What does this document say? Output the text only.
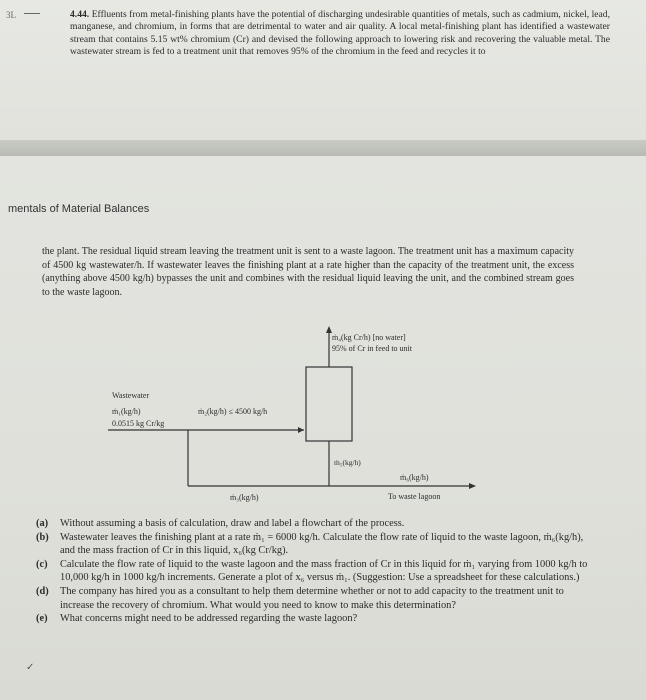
3L	4.44. Effluents from metal-finishing plants have the potential of discharging undesirable quantities of metals, such as cadmium, nickel, lead, manganese, and chromium, in forms that are detrimental to water and air quality. A local metal-finishing plant has identified a wastewater stream that contains 5.15 wt% chromium (Cr) and devised the following approach to lowering risk and recovering the valuable metal. The wastewater stream is fed to a treatment unit that removes 95% of the chromium in the feed and recycles it to
mentals of Material Balances
the plant. The residual liquid stream leaving the treatment unit is sent to a waste lagoon. The treatment unit has a maximum capacity of 4500 kg wastewater/h. If wastewater leaves the finishing plant at a rate higher than the capacity of the treatment unit, the excess (anything above 4500 kg/h) bypasses the unit and combines with the residual liquid leaving the unit, and the combined stream goes to the waste lagoon.
Wastewater
ṁ₁(kg/h)
0.0515 kg Cr/kg
ṁ₂(kg/h) ≤ 4500 kg/h
ṁ₄(kg Cr/h) [no water]
95% of Cr in feed to unit
ṁ₅(kg/h)
ṁ₃(kg/h)
ṁ₆(kg/h)
To waste lagoon

(a) Without assuming a basis of calculation, draw and label a flowchart of the process.

(b) Wastewater leaves the finishing plant at a rate ṁ₁ = 6000 kg/h. Calculate the flow rate of liquid to the waste lagoon, ṁ₆(kg/h), and the mass fraction of Cr in this liquid, x₆(kg Cr/kg).

(c) Calculate the flow rate of liquid to the waste lagoon and the mass fraction of Cr in this liquid for ṁ₁ varying from 1000 kg/h to 10,000 kg/h in 1000 kg/h increments. Generate a plot of x₆ versus ṁ₁. (Suggestion: Use a spreadsheet for these calculations.)

(d) The company has hired you as a consultant to help them determine whether or not to add capacity to the treatment unit to increase the recovery of chromium. What would you need to know to make this determination?

(e) What concerns might need to be addressed regarding the waste lagoon?

✓
